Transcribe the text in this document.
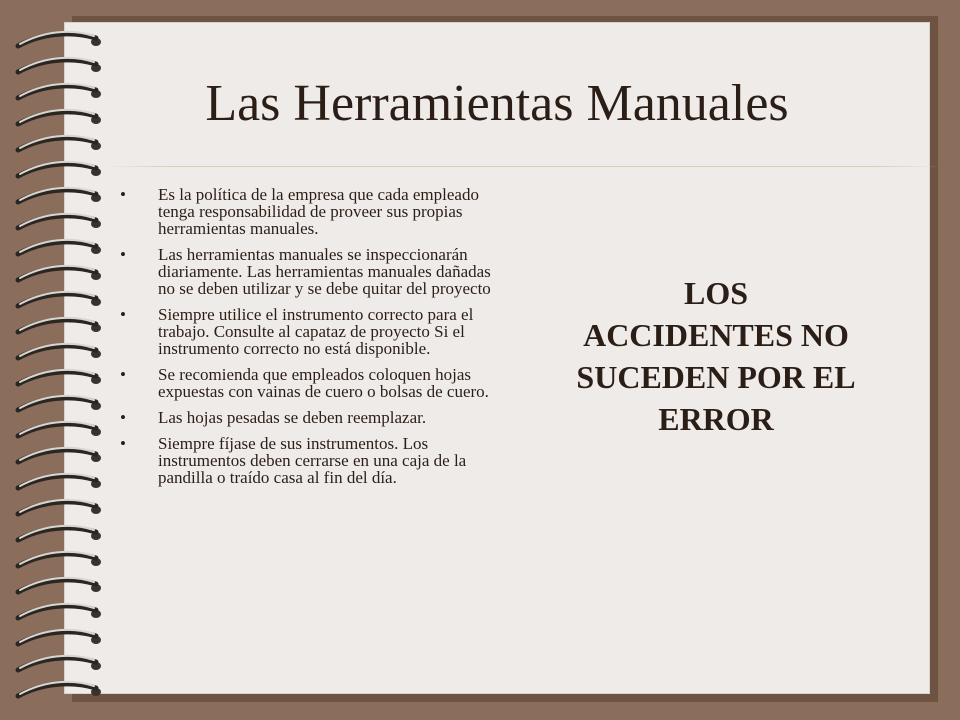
Las Herramientas Manuales
• Es la política de la empresa que cada empleado tenga responsabilidad de proveer sus propias herramientas manuales.
• Las herramientas manuales se inspeccionarán diariamente. Las herramientas manuales dañadas no se deben utilizar y se debe quitar del proyecto
• Siempre utilice el instrumento correcto para el trabajo. Consulte al capataz de proyecto Si el instrumento correcto no está disponible.
• Se recomienda que empleados coloquen hojas expuestas con vainas de cuero o bolsas de cuero.
• Las hojas pesadas se deben reemplazar.
• Siempre fíjase de sus instrumentos. Los instrumentos deben cerrarse en una caja de la pandilla o traído casa al fin del día.
LOS
ACCIDENTES NO
SUCEDEN POR EL
ERROR
